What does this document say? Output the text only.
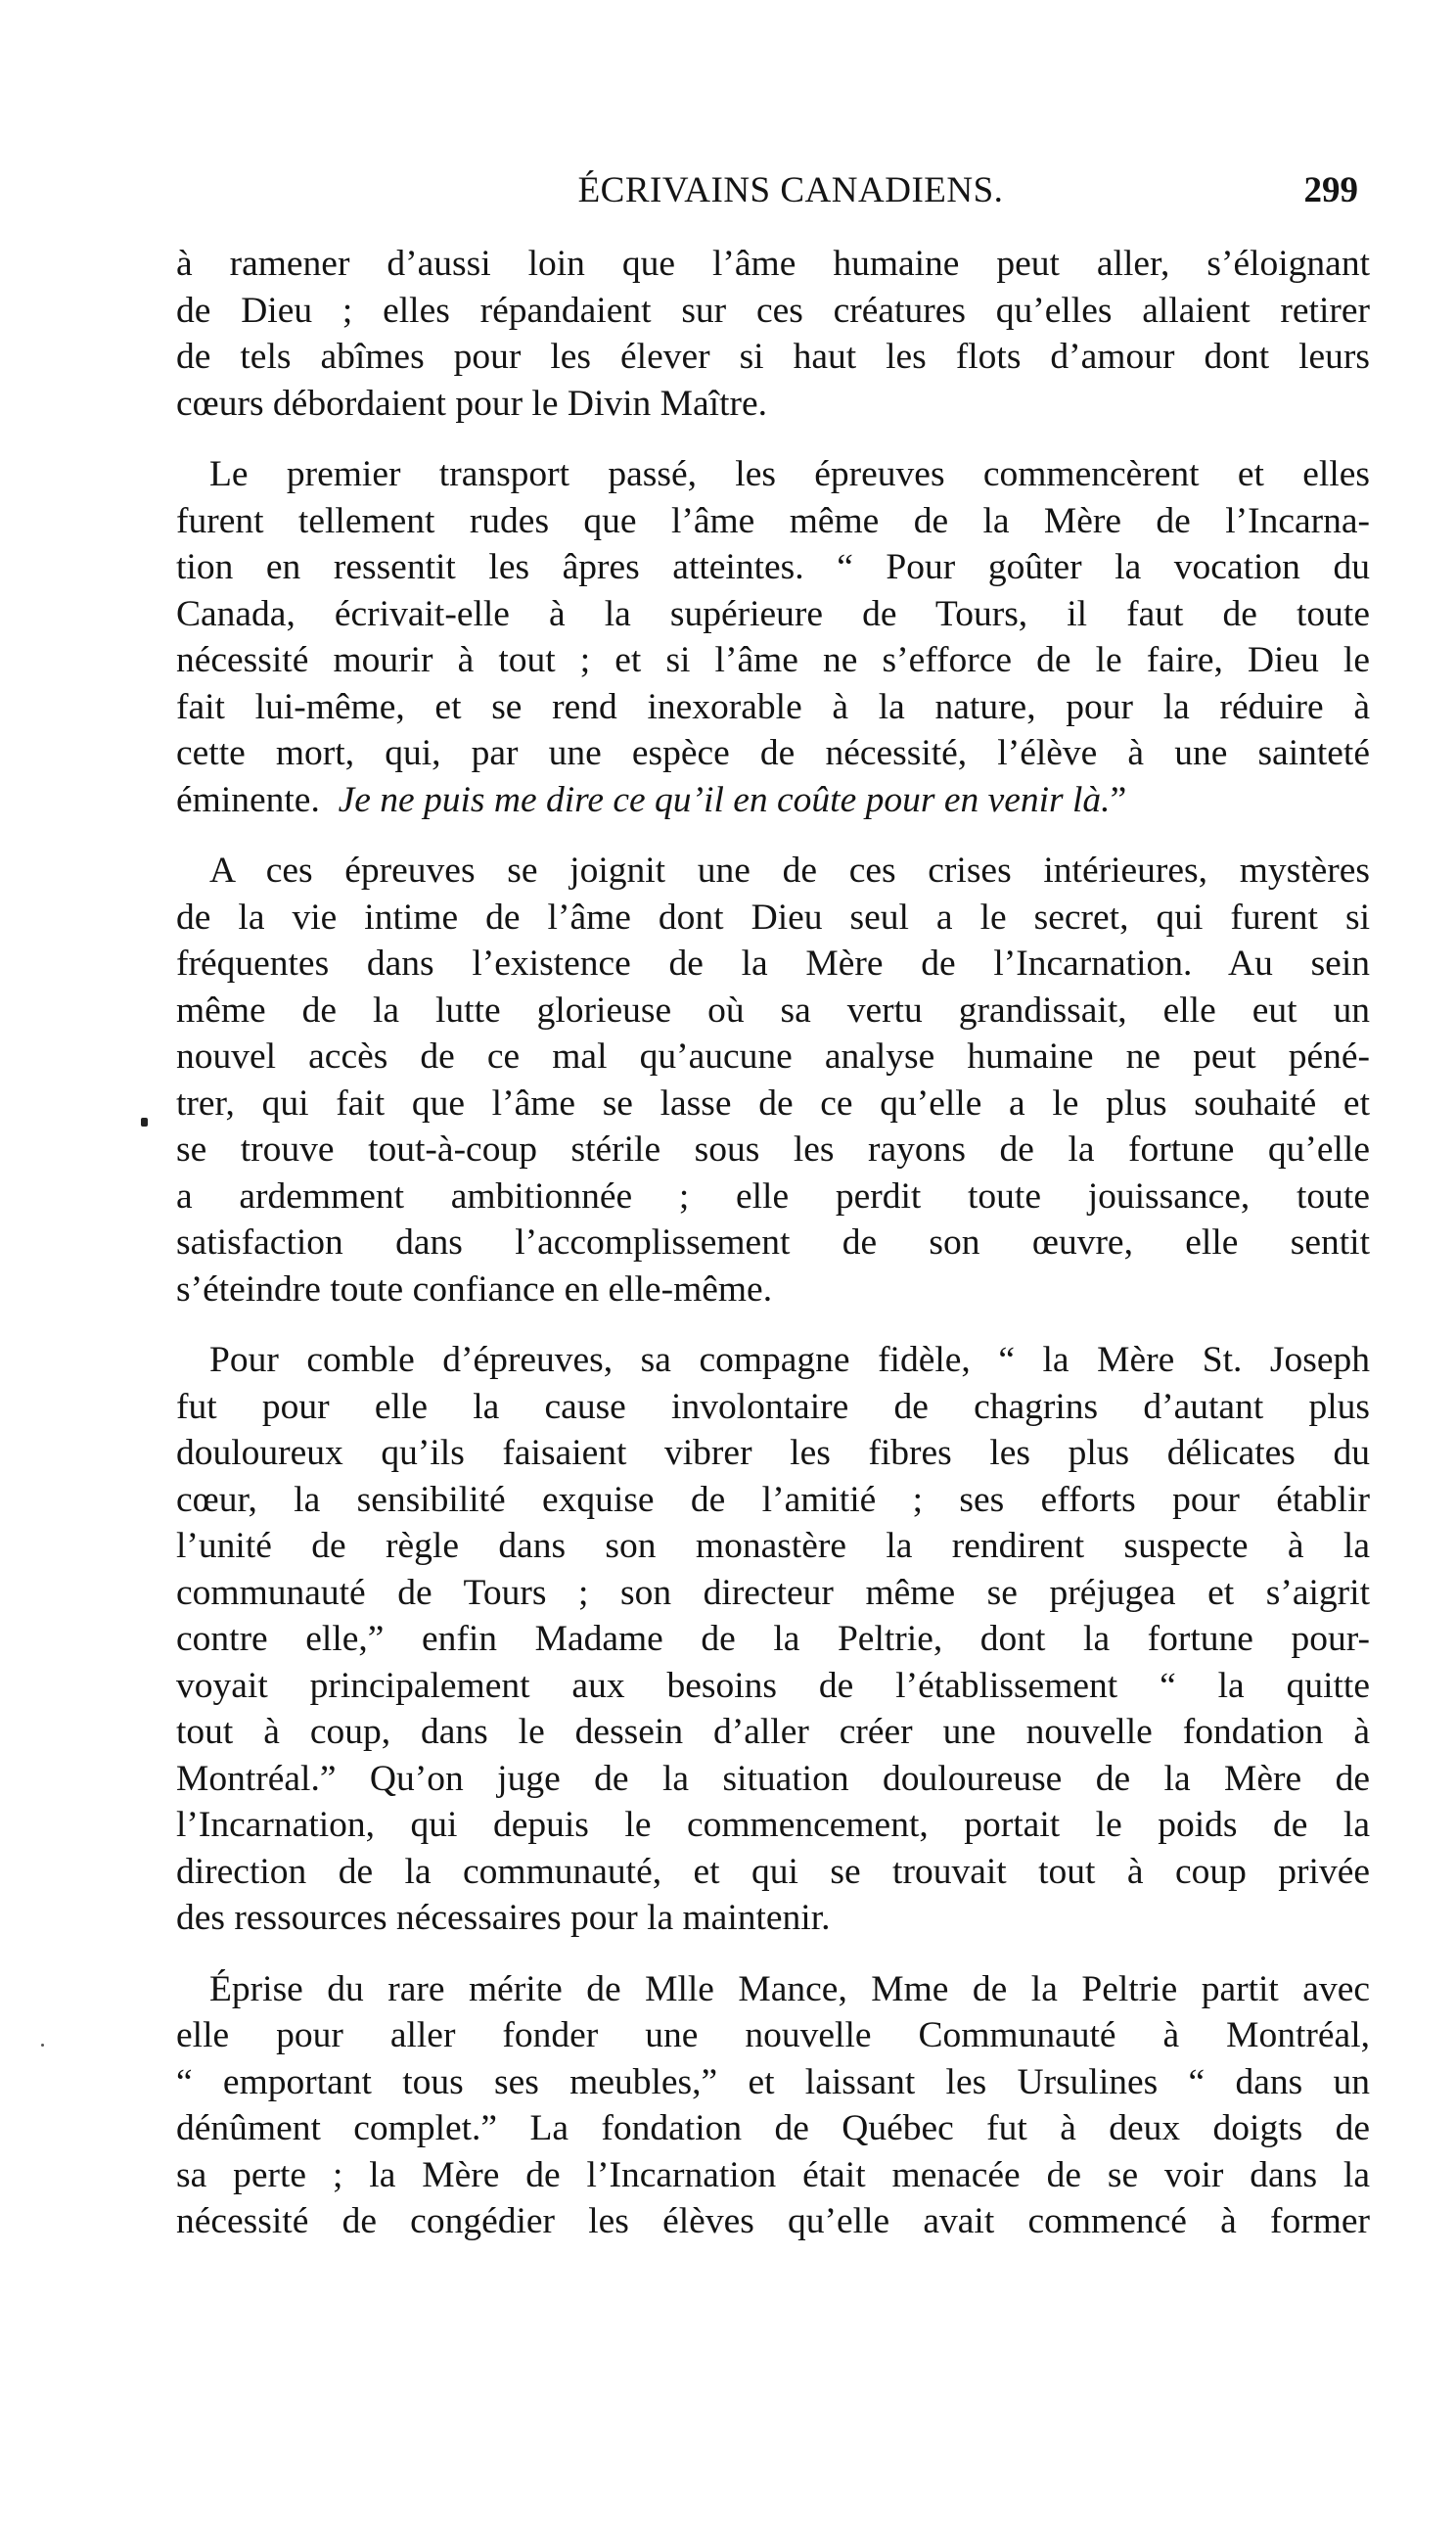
ÉCRIVAINS CANADIENS.	299

à ramener d’aussi loin que l’âme humaine peut aller, s’éloignant
de Dieu ; elles répandaient sur ces créatures qu’elles allaient retirer
de tels abîmes pour les élever si haut les flots d’amour dont leurs
cœurs débordaient pour le Divin Maître.

Le premier transport passé, les épreuves commencèrent et elles
furent tellement rudes que l’âme même de la Mère de l’Incarna-
tion en ressentit les âpres atteintes. “ Pour goûter la vocation du
Canada, écrivait-elle à la supérieure de Tours, il faut de toute
nécessité mourir à tout ; et si l’âme ne s’efforce de le faire, Dieu le
fait lui-même, et se rend inexorable à la nature, pour la réduire à
cette mort, qui, par une espèce de nécessité, l’élève à une sainteté
éminente. Je ne puis me dire ce qu’il en coûte pour en venir là.”

A ces épreuves se joignit une de ces crises intérieures, mystères
de la vie intime de l’âme dont Dieu seul a le secret, qui furent si
fréquentes dans l’existence de la Mère de l’Incarnation. Au sein
même de la lutte glorieuse où sa vertu grandissait, elle eut un
nouvel accès de ce mal qu’aucune analyse humaine ne peut péné-
trer, qui fait que l’âme se lasse de ce qu’elle a le plus souhaité et
se trouve tout-à-coup stérile sous les rayons de la fortune qu’elle
a ardemment ambitionnée ; elle perdit toute jouissance, toute
satisfaction dans l’accomplissement de son œuvre, elle sentit
s’éteindre toute confiance en elle-même.

Pour comble d’épreuves, sa compagne fidèle, “ la Mère St. Joseph
fut pour elle la cause involontaire de chagrins d’autant plus
douloureux qu’ils faisaient vibrer les fibres les plus délicates du
cœur, la sensibilité exquise de l’amitié ; ses efforts pour établir
l’unité de règle dans son monastère la rendirent suspecte à la
communauté de Tours ; son directeur même se préjugea et s’aigrit
contre elle,” enfin Madame de la Peltrie, dont la fortune pour-
voyait principalement aux besoins de l’établissement “ la quitte
tout à coup, dans le dessein d’aller créer une nouvelle fondation à
Montréal.” Qu’on juge de la situation douloureuse de la Mère de
l’Incarnation, qui depuis le commencement, portait le poids de la
direction de la communauté, et qui se trouvait tout à coup privée
des ressources nécessaires pour la maintenir.

Éprise du rare mérite de Mlle Mance, Mme de la Peltrie partit avec
elle pour aller fonder une nouvelle Communauté à Montréal,
“ emportant tous ses meubles,” et laissant les Ursulines “ dans un
dénûment complet.” La fondation de Québec fut à deux doigts de
sa perte ; la Mère de l’Incarnation était menacée de se voir dans la
nécessité de congédier les élèves qu’elle avait commencé à former
